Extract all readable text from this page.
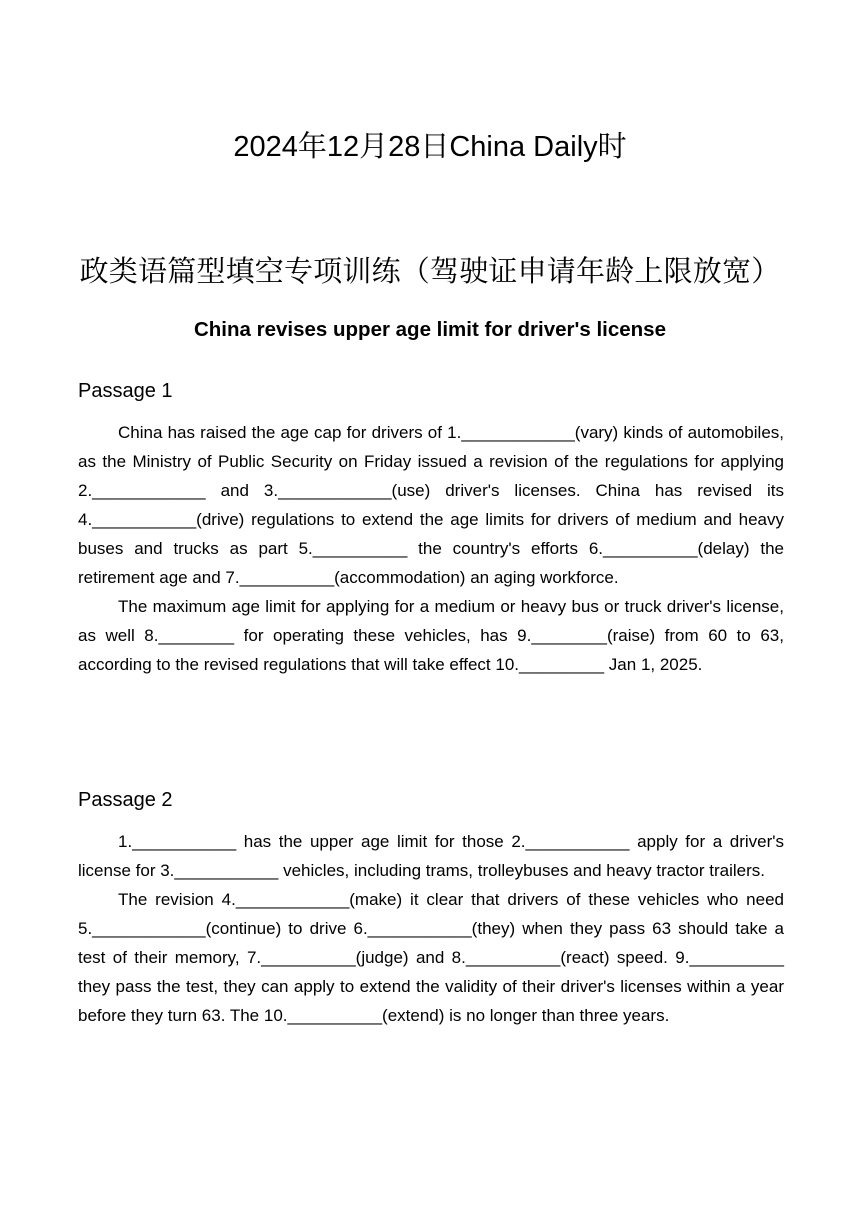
2024年12月28日China Daily时
政类语篇型填空专项训练（驾驶证申请年龄上限放宽）
China revises upper age limit for driver's license
Passage 1

China has raised the age cap for drivers of 1.____________(vary) kinds of automobiles, as the Ministry of Public Security on Friday issued a revision of the regulations for applying 2.____________ and 3.____________(use) driver's licenses. China has revised its 4.___________(drive) regulations to extend the age limits for drivers of medium and heavy buses and trucks as part 5.__________ the country's efforts 6.__________(delay) the retirement age and 7.__________(accommodation) an aging workforce.

The maximum age limit for applying for a medium or heavy bus or truck driver's license, as well 8.________ for operating these vehicles, has 9.________(raise) from 60 to 63, according to the revised regulations that will take effect 10._________ Jan 1, 2025.

Passage 2

1.___________ has the upper age limit for those 2.___________ apply for a driver's license for 3.___________ vehicles, including trams, trolleybuses and heavy tractor trailers.

The revision 4.____________(make) it clear that drivers of these vehicles who need 5.____________(continue) to drive 6.___________(they) when they pass 63 should take a test of their memory, 7.__________(judge) and 8.__________(react) speed. 9.__________ they pass the test, they can apply to extend the validity of their driver's licenses within a year before they turn 63. The 10.__________(extend) is no longer than three years.
